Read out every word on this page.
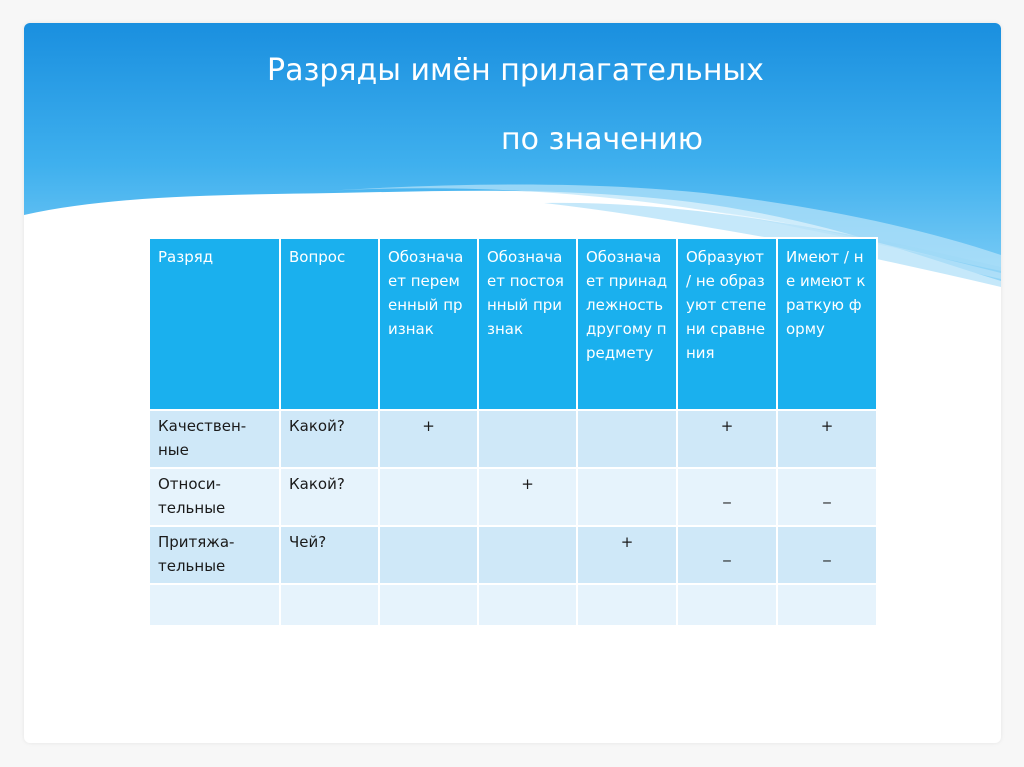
Разряды имён прилагательных
по значению
Разряд	Вопрос	Обозначает переменный признак	Обозначает постоянный признак	Обозначает принадлежность другому предмету	Образуют / не образуют степени сравнения	Имеют / не имеют краткую форму
Качествен-ные	Какой?	+			+	+
Относи-тельные	Какой?		+		_	_
Притяжа-тельные	Чей?			+	_	_
